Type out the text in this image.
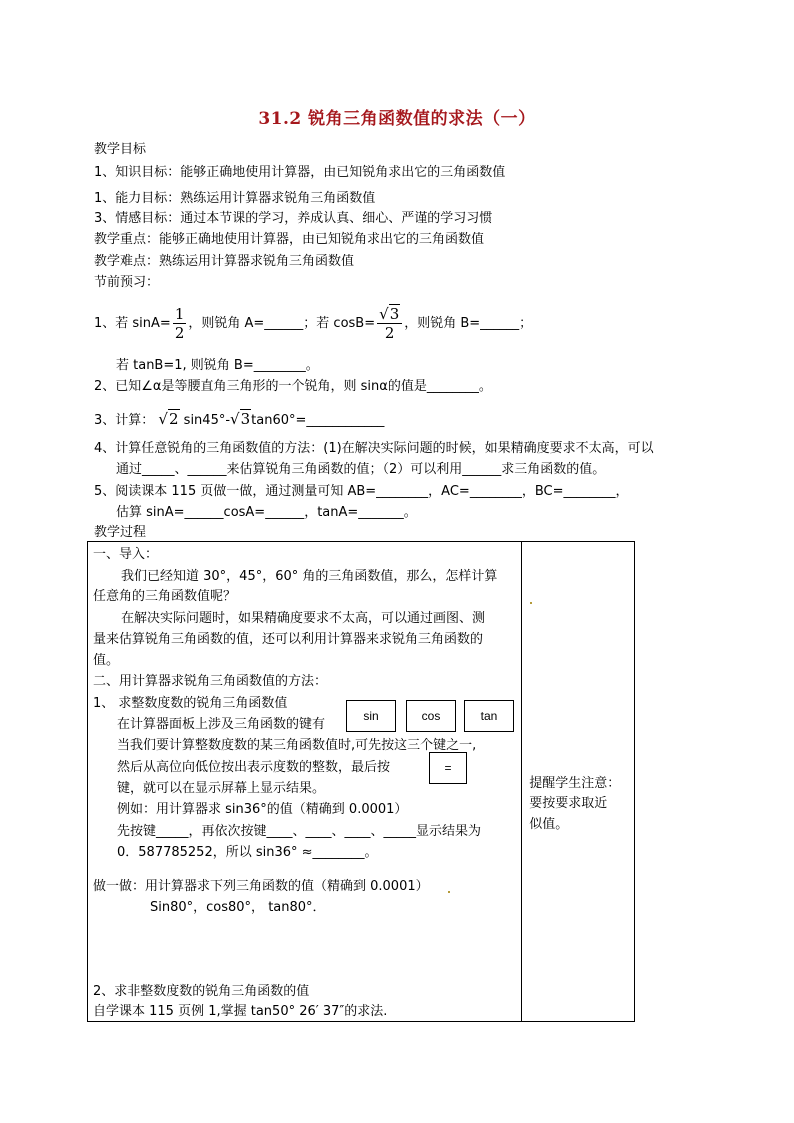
31.2 锐角三角函数值的求法（一）
教学目标
1、知识目标：能够正确地使用计算器，由已知锐角求出它的三角函数值
1、能力目标：熟练运用计算器求锐角三角函数值
3、情感目标：通过本节课的学习，养成认真、细心、严谨的学习习惯
教学重点：能够正确地使用计算器，由已知锐角求出它的三角函数值
教学难点：熟练运用计算器求锐角三角函数值
节前预习：
1、若 $\sin A= \frac{1}{2}$ ，则锐角 A=______；若 $\cos B= \frac{√3}{2}$ ，则锐角 B=______；
若 tanB=1, 则锐角 B=________。
2、已知∠α是等腰直角三角形的一个锐角，则 sinα的值是________。
3、计算： √2 sin45°-√3tan60°=____________
4、计算任意锐角的三角函数值的方法：(1)在解决实际问题的时候，如果精确度要求不太高，可以
通过_____、______来估算锐角三角函数的值；（2）可以利用______求三角函数的值。
5、阅读课本 115 页做一做，通过测量可知 AB=________，AC=________，BC=________，
估算 sinA=______cosA=______，tanA=_______。
教学过程
一、导入：
我们已经知道 30°，45°，60° 角的三角函数值，那么，怎样计算
任意角的三角函数值呢？
在解决实际问题时，如果精确度要求不太高，可以通过画图、测
量来估算锐角三角函数的值，还可以利用计算器来求锐角三角函数的
值。
二、用计算器求锐角三角函数值的方法：
1、 求整数度数的锐角三角函数值
在计算器面板上涉及三角函数的键有
sin	cos	tan
当我们要计算整数度数的某三角函数值时,可先按这三个键之一,
然后从高位向低位按出表示度数的整数，最后按	=
键，就可以在显示屏幕上显示结果。
例如：用计算器求 sin36°的值（精确到 0.0001）
先按键_____，再依次按键____、____、____、_____显示结果为
0．587785252，所以 sin36° ≈________。
做一做：用计算器求下列三角函数的值（精确到 0.0001）
Sin80°，cos80°， tan80°．
2、求非整数度数的锐角三角函数的值
自学课本 115 页例 1,掌握 tan50° 26′ 37″的求法.

提醒学生注意：
要按要求取近
似值。
